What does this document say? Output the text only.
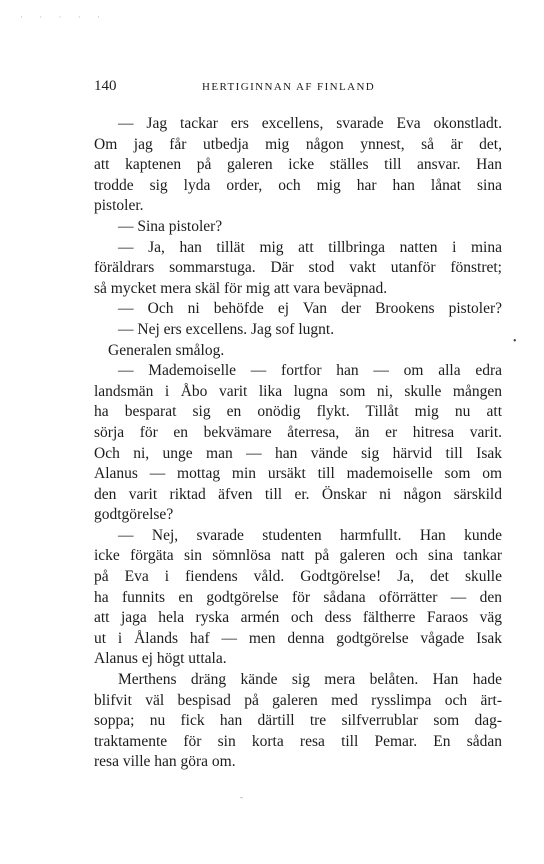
· · · · ·
140	HERTIGINNAN AF FINLAND
— Jag tackar ers excellens, svarade Eva okonstladt.
Om jag får utbedja mig någon ynnest, så är det,
att kaptenen på galeren icke ställes till ansvar. Han
trodde sig lyda order, och mig har han lånat sina
pistoler.
— Sina pistoler?
— Ja, han tillät mig att tillbringa natten i mina
föräldrars sommarstuga. Där stod vakt utanför fönstret;
så mycket mera skäl för mig att vara beväpnad.
— Och ni behöfde ej Van der Brookens pistoler?
— Nej ers excellens. Jag sof lugnt.
Generalen smålog.
— Mademoiselle — fortfor han — om alla edra
landsmän i Åbo varit lika lugna som ni, skulle mången
ha besparat sig en onödig flykt. Tillåt mig nu att
sörja för en bekvämare återresa, än er hitresa varit.
Och ni, unge man — han vände sig härvid till Isak
Alanus — mottag min ursäkt till mademoiselle som om
den varit riktad äfven till er. Önskar ni någon särskild
godtgörelse?
— Nej, svarade studenten harmfullt. Han kunde
icke förgäta sin sömnlösa natt på galeren och sina tankar
på Eva i fiendens våld. Godtgörelse! Ja, det skulle
ha funnits en godtgörelse för sådana oförrätter — den
att jaga hela ryska armén och dess fältherre Faraos väg
ut i Ålands haf — men denna godtgörelse vågade Isak
Alanus ej högt uttala.
Merthens dräng kände sig mera belåten. Han hade
blifvit väl bespisad på galeren med rysslimpa och ärt-
soppa; nu fick han därtill tre silfverrublar som dag-
traktamente för sin korta resa till Pemar. En sådan
resa ville han göra om.
•
-
